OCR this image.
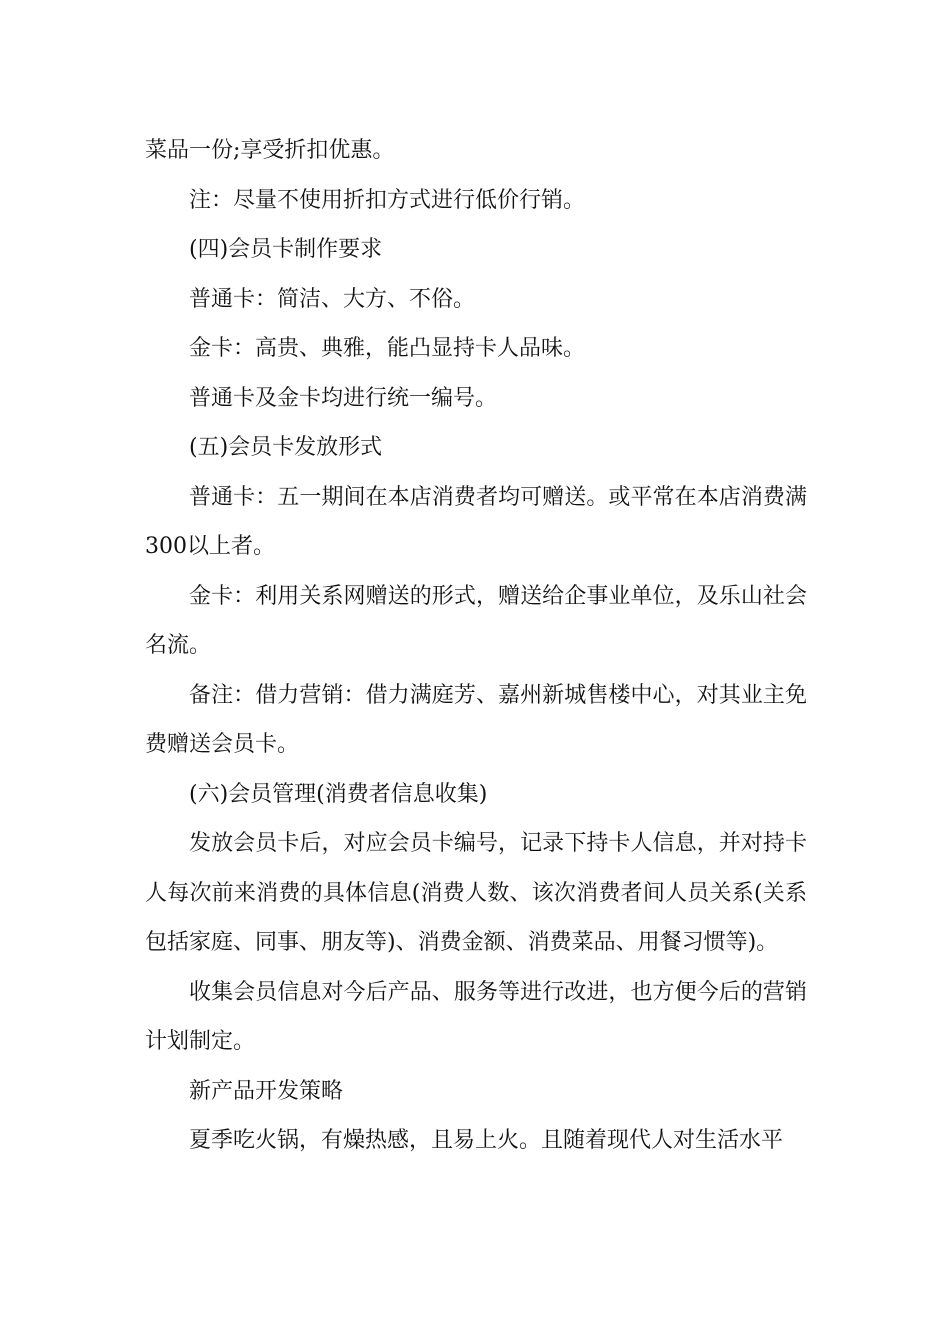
菜品一份;享受折扣优惠。

注：尽量不使用折扣方式进行低价行销。

(四)会员卡制作要求

普通卡：简洁、大方、不俗。

金卡：高贵、典雅，能凸显持卡人品味。

普通卡及金卡均进行统一编号。

(五)会员卡发放形式

普通卡：五一期间在本店消费者均可赠送。或平常在本店消费满300以上者。

金卡：利用关系网赠送的形式，赠送给企事业单位，及乐山社会名流。

备注：借力营销：借力满庭芳、嘉州新城售楼中心，对其业主免费赠送会员卡。

(六)会员管理(消费者信息收集)

发放会员卡后，对应会员卡编号，记录下持卡人信息，并对持卡人每次前来消费的具体信息(消费人数、该次消费者间人员关系(关系包括家庭、同事、朋友等)、消费金额、消费菜品、用餐习惯等)。

收集会员信息对今后产品、服务等进行改进，也方便今后的营销计划制定。

新产品开发策略

夏季吃火锅，有燥热感，且易上火。且随着现代人对生活水平
